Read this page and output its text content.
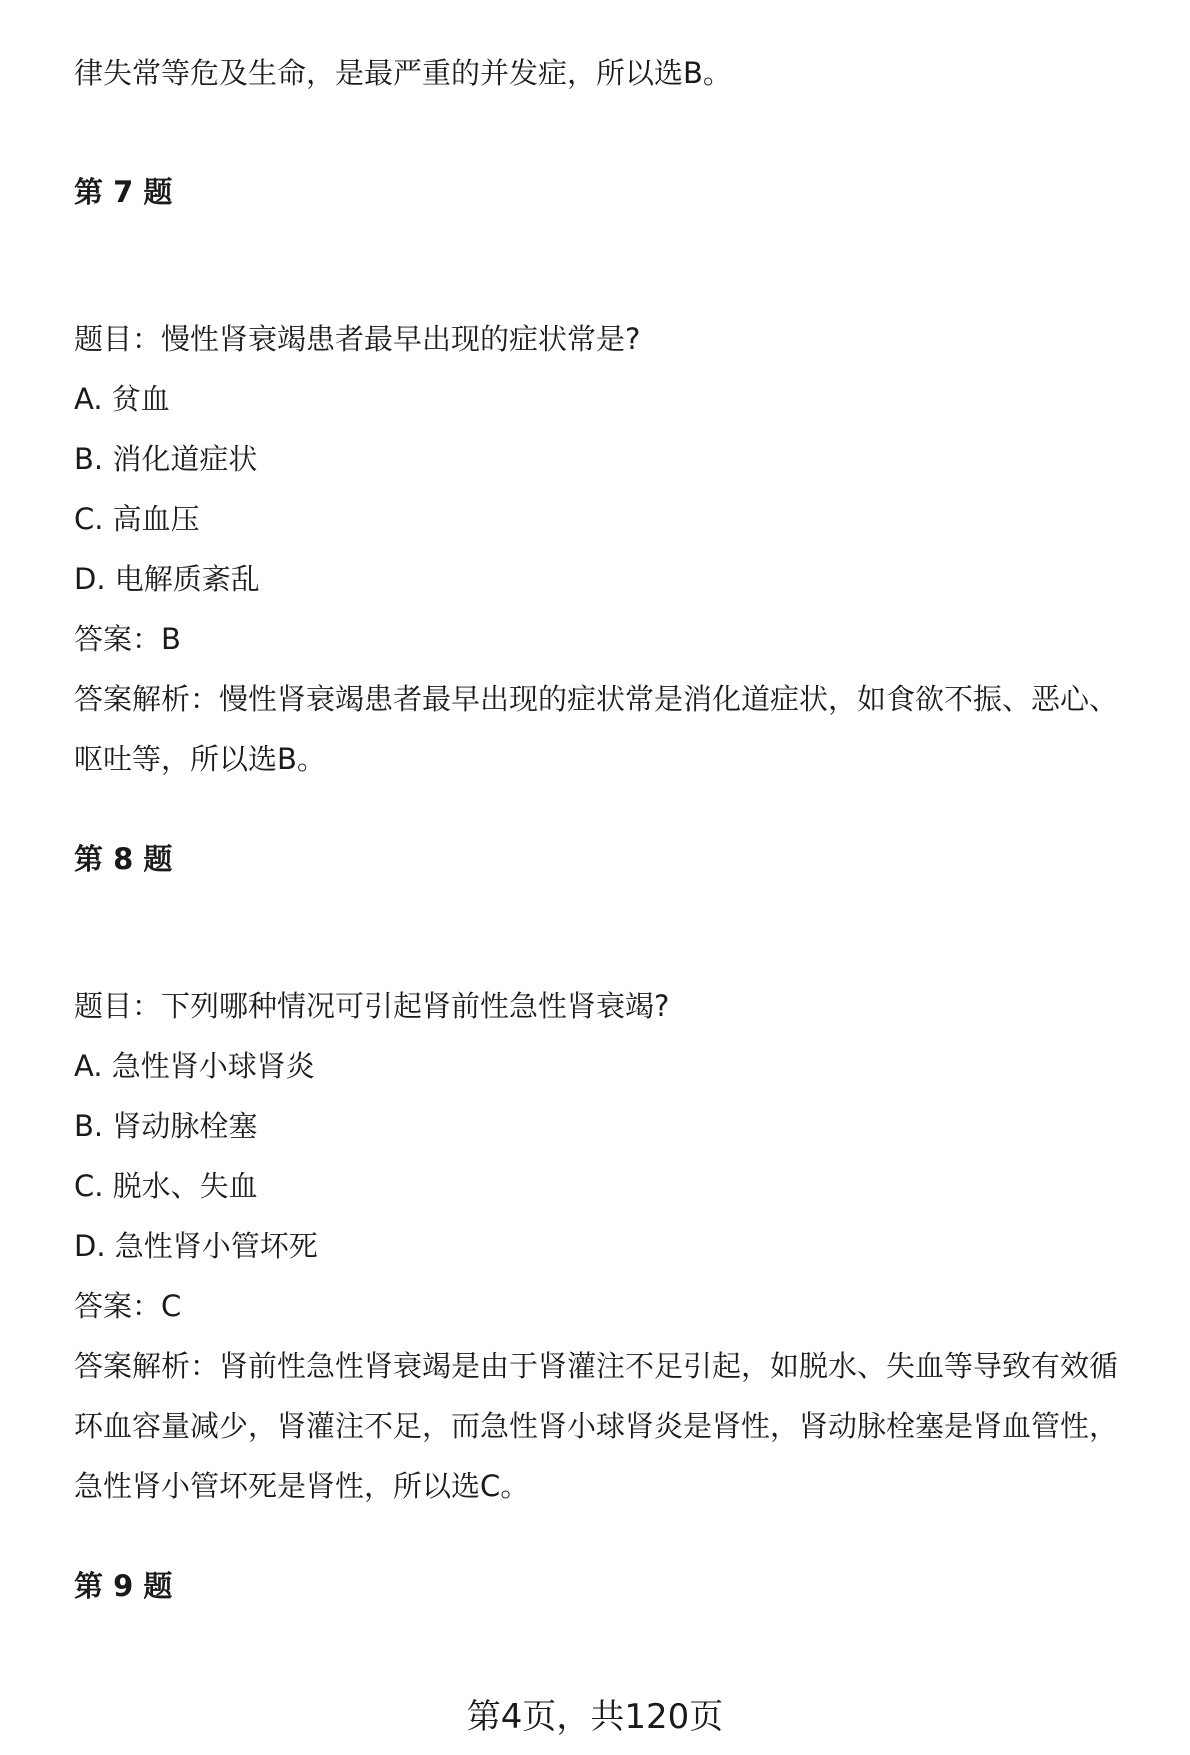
律失常等危及生命，是最严重的并发症，所以选B。

第 7 题

题目：慢性肾衰竭患者最早出现的症状常是?

A. 贫血

B. 消化道症状

C. 高血压

D. 电解质紊乱

答案：B

答案解析：慢性肾衰竭患者最早出现的症状常是消化道症状，如食欲不振、恶心、

呕吐等，所以选B。

第 8 题

题目：下列哪种情况可引起肾前性急性肾衰竭?

A. 急性肾小球肾炎

B. 肾动脉栓塞

C. 脱水、失血

D. 急性肾小管坏死

答案：C

答案解析：肾前性急性肾衰竭是由于肾灌注不足引起，如脱水、失血等导致有效循

环血容量减少，肾灌注不足，而急性肾小球肾炎是肾性，肾动脉栓塞是肾血管性，

急性肾小管坏死是肾性，所以选C。

第 9 题

第4页，共120页
